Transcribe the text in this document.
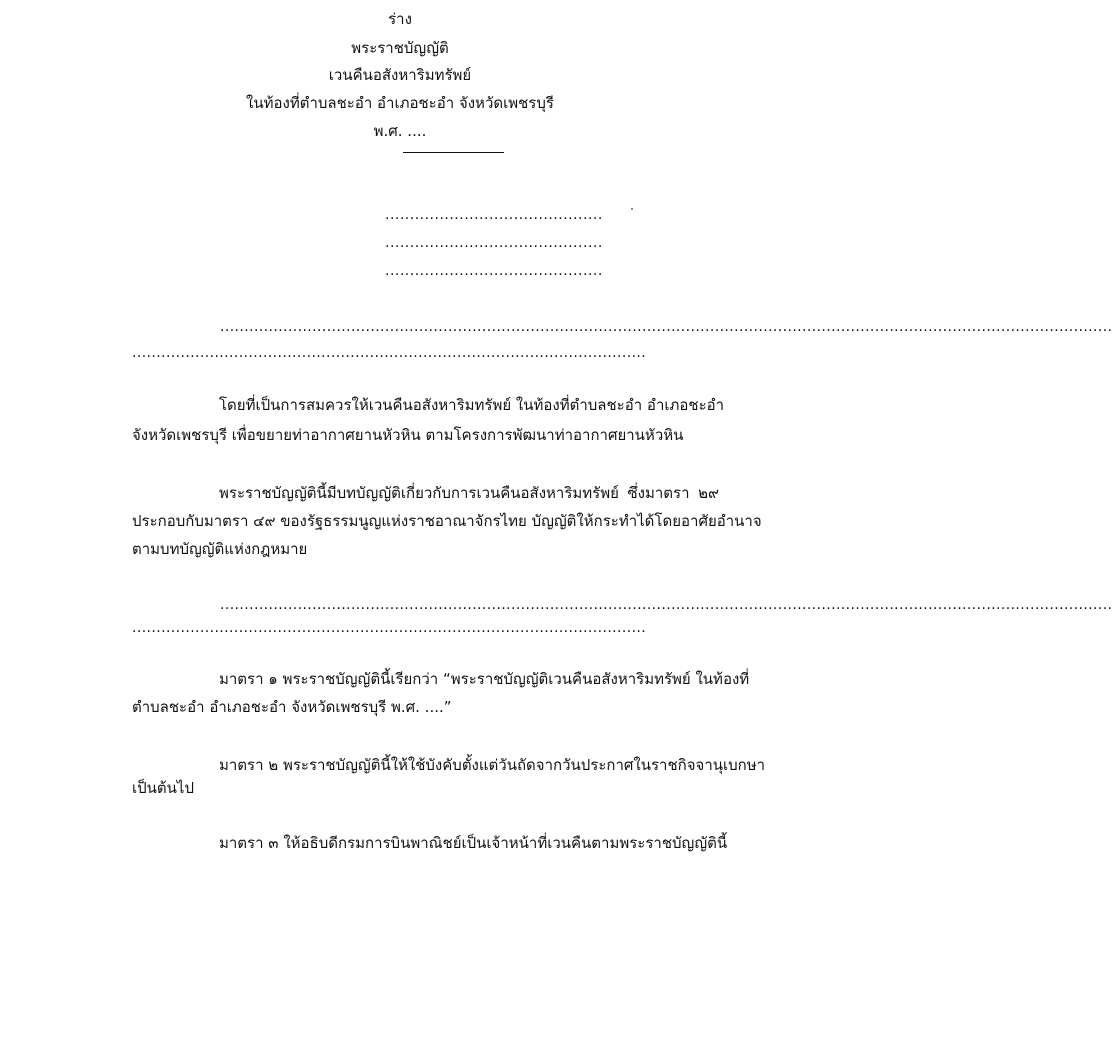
ร่าง
พระราชบัญญัติ
เวนคืนอสังหาริมทรัพย์
ในท้องที่ตำบลชะอำ อำเภอชะอำ จังหวัดเพชรบุรี
พ.ศ. ....
............................................
............................................
............................................
........................................................................................................................................................................................
..........................................................................................................
โดยที่เป็นการสมควรให้เวนคืนอสังหาริมทรัพย์ ในท้องที่ตำบลชะอำ อำเภอชะอำ
จังหวัดเพชรบุรี เพื่อขยายท่าอากาศยานหัวหิน ตามโครงการพัฒนาท่าอากาศยานหัวหิน
พระราชบัญญัตินี้มีบทบัญญัติเกี่ยวกับการเวนคืนอสังหาริมทรัพย์ ซึ่งมาตรา ๒๙
ประกอบกับมาตรา ๔๙ ของรัฐธรรมนูญแห่งราชอาณาจักรไทย บัญญัติให้กระทำได้โดยอาศัยอำนาจ
ตามบทบัญญัติแห่งกฎหมาย
........................................................................................................................................................................................
..........................................................................................................
มาตรา ๑ พระราชบัญญัตินี้เรียกว่า “พระราชบัญญัติเวนคืนอสังหาริมทรัพย์ ในท้องที่
ตำบลชะอำ อำเภอชะอำ จังหวัดเพชรบุรี พ.ศ. ....”
มาตรา ๒ พระราชบัญญัตินี้ให้ใช้บังคับตั้งแต่วันถัดจากวันประกาศในราชกิจจานุเบกษา
เป็นต้นไป
มาตรา ๓ ให้อธิบดีกรมการบินพาณิชย์เป็นเจ้าหน้าที่เวนคืนตามพระราชบัญญัตินี้
